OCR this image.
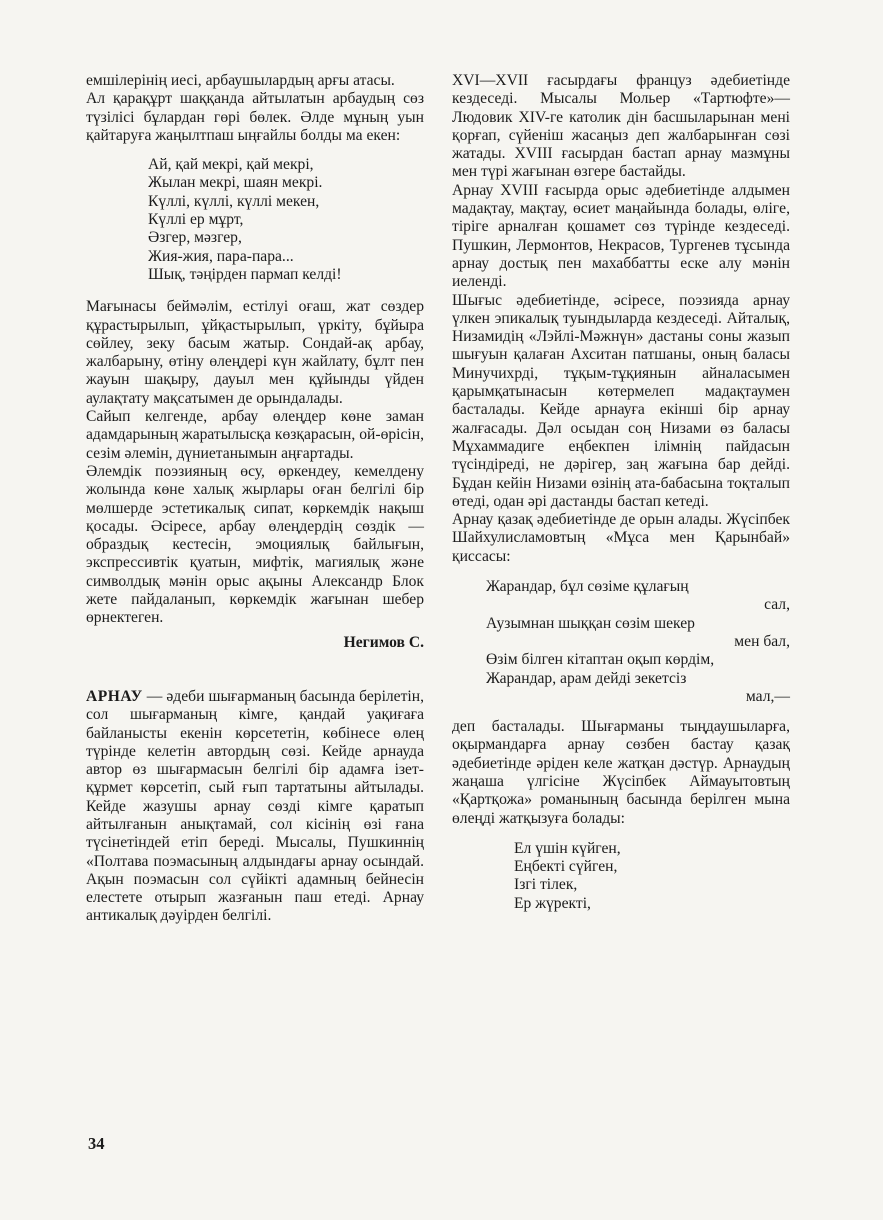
емшілерінің иесі, арбаушылардың арғы атасы.

Ал қарақұрт шаққанда айтылатын арбаудың сөз түзілісі бұлардан гөрі бөлек. Әлде мұның уын қайтаруға жаңылтпаш ыңғайлы болды ма екен:

Ай, қай мекрі, қай мекрі,
Жылан мекрі, шаян мекрі.
Күллі, күллі, күллі мекен,
Күллі ер мұрт,
Әзгер, мәзгер,
Жия-жия, пара-пара...
Шық, тәңірден пармап келді!

Мағынасы беймәлім, естілуі оғаш, жат сөздер құрастырылып, ұйқастырылып, үркіту, бұйыра сөйлеу, зеку басым жатыр. Сондай-ақ арбау, жалбарыну, өтіну өлеңдері күн жайлату, бұлт пен жауын шақыру, дауыл мен құйынды үйден аулақтату мақсатымен де орындалады.

Сайып келгенде, арбау өлеңдер көне заман адамдарының жаратылысқа көзқарасын, ой-өрісін, сезім әлемін, дүниетанымын аңғартады.

Әлемдік поэзияның өсу, өркендеу, кемелдену жолында көне халық жырлары оған белгілі бір мөлшерде эстетикалық сипат, көркемдік нақыш қосады. Әсіресе, арбау өлеңдердің сөздік — образдық кестесін, эмоциялық байлығын, экспрессивтік қуатын, мифтік, магиялық және символдық мәнін орыс ақыны Александр Блок жете пайдаланып, көркемдік жағынан шебер өрнектеген.

Негимов С.

АРНАУ — әдеби шығарманың басында берілетін, сол шығарманың кімге, қандай уақиғаға байланысты екенін көрсететін, көбінесе өлең түрінде келетін автордың сөзі. Кейде арнауда автор өз шығармасын белгілі бір адамға ізет-құрмет көрсетіп, сый ғып тартатыны айтылады. Кейде жазушы арнау сөзді кімге қаратып айтылғанын анықтамай, сол кісінің өзі ғана түсінетіндей етіп береді. Мысалы, Пушкиннің «Полтава поэмасының алдындағы арнау осындай. Ақын поэмасын сол сүйікті адамның бейнесін елестете отырып жазғанын паш етеді. Арнау антикалық дәуірден белгілі.

XVI—XVII ғасырдағы француз әдебиетінде кездеседі. Мысалы Мольер «Тартюфте»— Людовик XIV-ге католик дін басшыларынан мені қорғап, сүйеніш жасаңыз деп жалбарынған сөзі жатады. XVIII ғасырдан бастап арнау мазмұны мен түрі жағынан өзгере бастайды.

Арнау XVIII ғасырда орыс әдебиетінде алдымен мадақтау, мақтау, өсиет маңайында болады, өлігe, тірігe арналған қошамет сөз түрінде кездеседі. Пушкин, Лермонтов, Некрасов, Тургенев тұсында арнау достық пен махаббатты еске алу мәнін иеленді.

Шығыс әдебиетінде, әсіресе, поэзияда арнау үлкен эпикалық туындыларда кездеседі. Айталық, Низамидің «Лэйлі-Мәжнүн» дастаны соны жазып шығуын қалаған Ахситан патшаны, оның баласы Минучихрді, тұқым-тұқиянын айналасымен қарымқатынасын көтермелеп мадақтаумен басталады. Кейде арнауға екінші бір арнау жалғасады. Дәл осыдан соң Низами өз баласы Мұхаммадиге еңбекпен ілімнің пайдасын түсіндіреді, не дәрігер, заң жағына бар дейді. Бұдан кейін Низами өзінің ата-бабасына тоқталып өтеді, одан әрі дастанды бастап кетеді.

Арнау қазақ әдебиетінде де орын алады. Жүсіпбек Шайхулисламовтың «Мұса мен Қарынбай» қиссасы:

Жарандар, бұл сөзіме құлағың
сал,
Аузымнан шыққан сөзім шекер
мен бал,
Өзім білген кітаптан оқып көрдім,
Жарандар, арам дейді зекетсіз
мал,—

деп басталады. Шығарманы тыңдаушыларға, оқырмандарға арнау сөзбен бастау қазақ әдебиетінде әріден келе жатқан дәстүр. Арнаудың жаңаша үлгісіне Жүсіпбек Аймауытовтың «Қартқожа» романының басында берілген мына өлеңді жатқызуға болады:

Ел үшін күйген,
Еңбекті сүйген,
Ізгі тілек,
Ер жүректі,
34
